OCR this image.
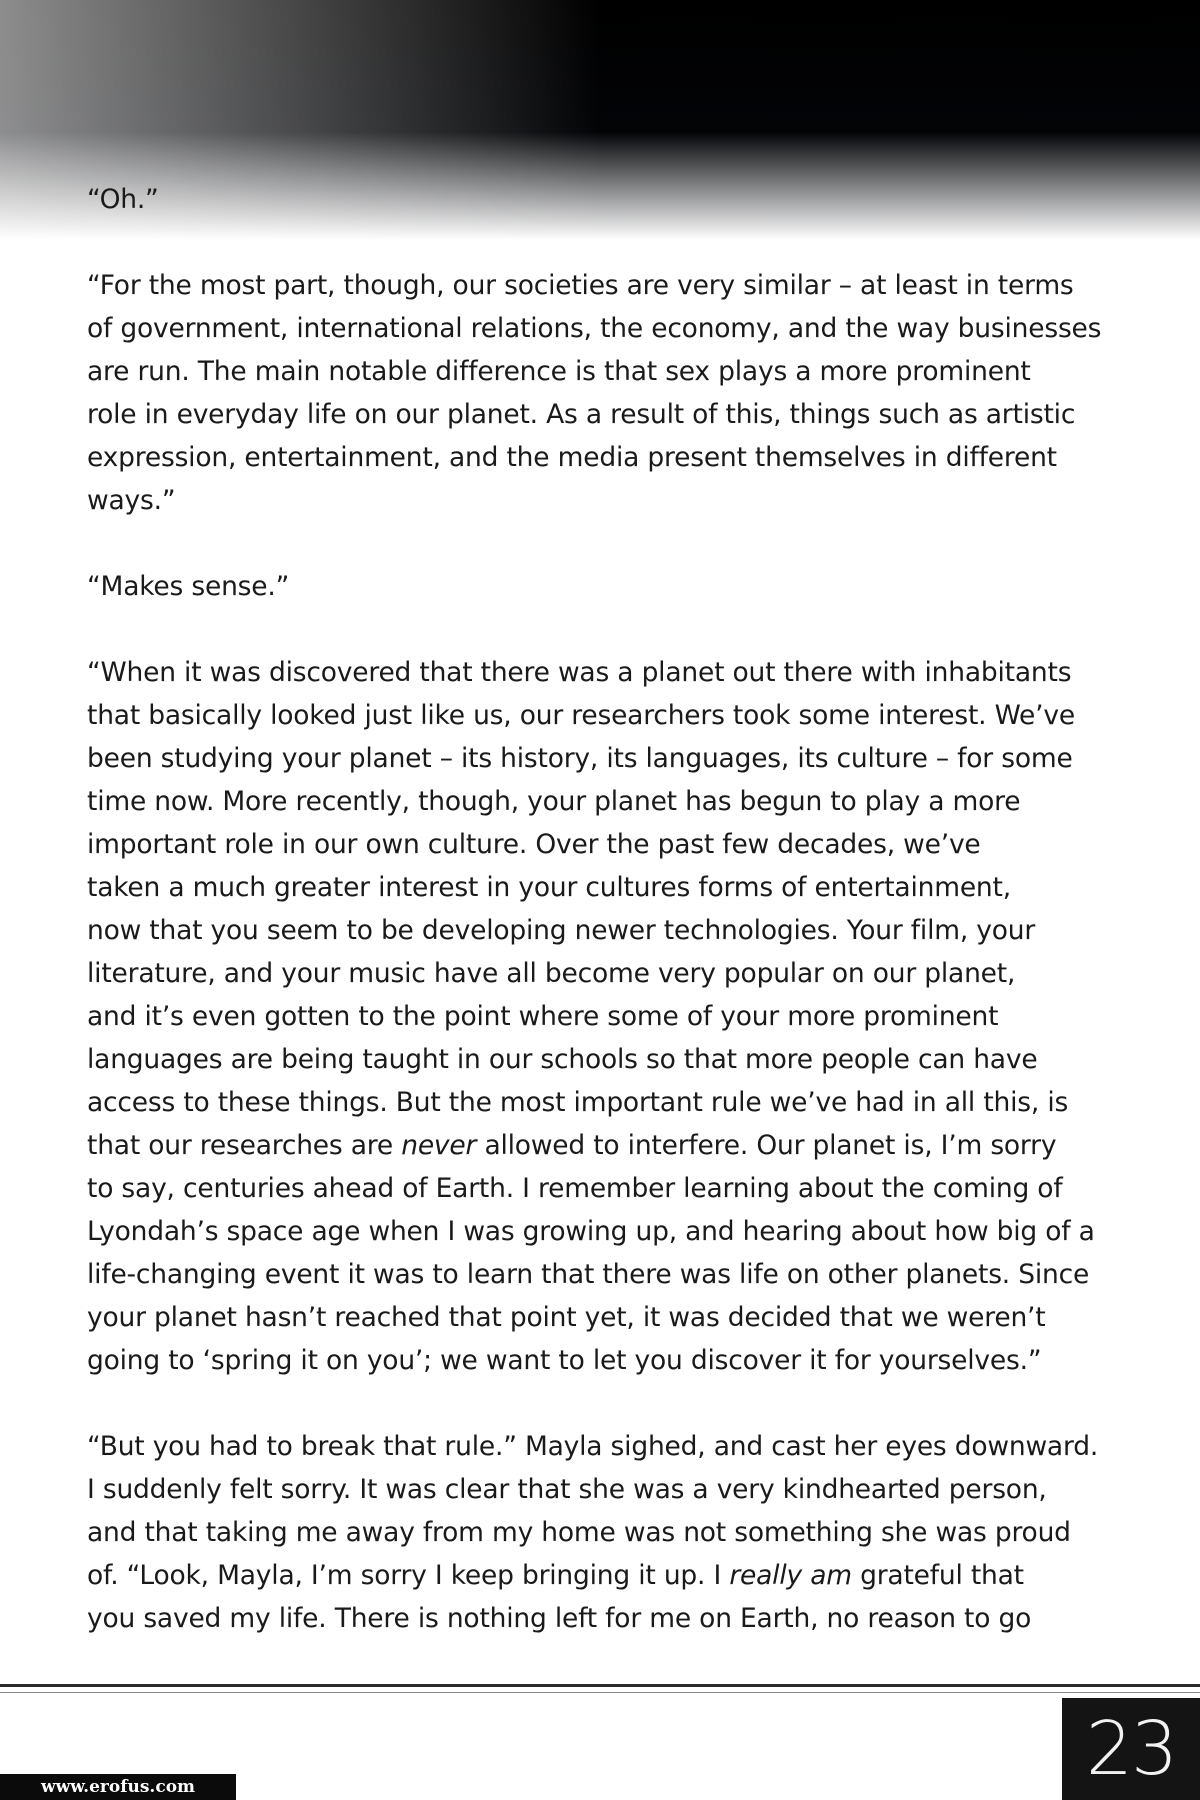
“Oh.”
“For the most part, though, our societies are very similar – at least in terms
of government, international relations, the economy, and the way businesses
are run. The main notable difference is that sex plays a more prominent
role in everyday life on our planet. As a result of this, things such as artistic
expression, entertainment, and the media present themselves in different
ways.”
“Makes sense.”
“When it was discovered that there was a planet out there with inhabitants
that basically looked just like us, our researchers took some interest. We’ve
been studying your planet – its history, its languages, its culture – for some
time now. More recently, though, your planet has begun to play a more
important role in our own culture. Over the past few decades, we’ve
taken a much greater interest in your cultures forms of entertainment,
now that you seem to be developing newer technologies. Your film, your
literature, and your music have all become very popular on our planet,
and it’s even gotten to the point where some of your more prominent
languages are being taught in our schools so that more people can have
access to these things. But the most important rule we’ve had in all this, is
that our researches are never allowed to interfere. Our planet is, I’m sorry
to say, centuries ahead of Earth. I remember learning about the coming of
Lyondah’s space age when I was growing up, and hearing about how big of a
life-changing event it was to learn that there was life on other planets. Since
your planet hasn’t reached that point yet, it was decided that we weren’t
going to ‘spring it on you’; we want to let you discover it for yourselves.”
“But you had to break that rule.” Mayla sighed, and cast her eyes downward.
I suddenly felt sorry. It was clear that she was a very kindhearted person,
and that taking me away from my home was not something she was proud
of. “Look, Mayla, I’m sorry I keep bringing it up. I really am grateful that
you saved my life. There is nothing left for me on Earth, no reason to go
23
www.erofus.com
